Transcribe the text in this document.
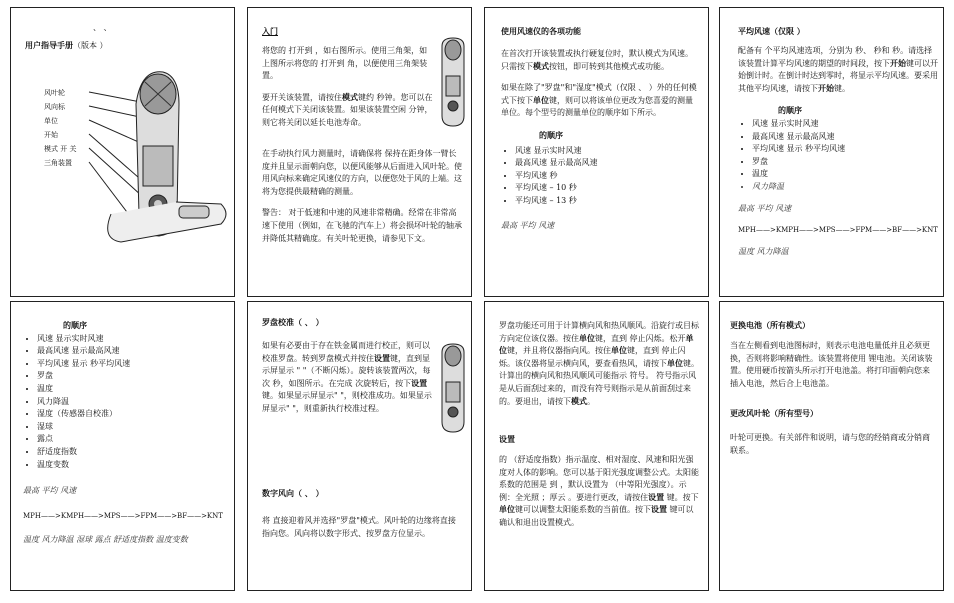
、 、
用户指导手册（版本 ）
风叶轮
风向标
单位
开始
模式 开 关
三角装置
入门

将您的 打开到 ，如右图所示。使用三角架，如上图所示将您的 打开到 角，以便使用三角架装置。

要开关该装置，请按住模式键约 秒钟。您可以在任何模式下关闭该装置。如果该装置空闲 分钟，则它将关闭以延长电池寿命。

在手动执行风力测量时，请确保将 保持在距身体一臂长度并且显示面朝向您，以便风能够从后面进入风叶轮。使用风向标来确定风速仪的方向，以便您处于风的上端。这将为您提供最精确的测量。

警告： 对于低速和中速的风速非常精确。经常在非常高速下使用（例如，在飞驰的汽车上）将会损坏叶轮的轴承并降低其精确度。有关叶轮更换，请参见下文。

使用风速仪的各项功能

在首次打开该装置或执行硬复位时，默认模式为风速。只需按下模式按钮，即可转到其他模式或功能。

如果在除了"罗盘"和"湿度"模式（仅限 、 ）外的任何模式下按下单位键，则可以将该单位更改为您喜爱的测量单位。每个型号的测量单位的顺序如下所示。

的顺序

• 风速 显示实时风速
• 最高风速 显示最高风速
• 平均风速 秒
• 平均风速 – 10 秒
• 平均风速 – 13 秒

最高 平均 风速

平均风速（仅限 ）

配备有 个平均风速选项，分别为 秒、 秒和 秒。请选择该装置计算平均风速的期望的时间段，按下开始键可以开始倒计时。在倒计时达到零时，将显示平均风速。要采用其他平均风速，请按下开始键。

的顺序

• 风速 显示实时风速
• 最高风速 显示最高风速
• 平均风速 显示 秒平均风速
• 罗盘
• 温度
• 风力降温

最高 平均 风速

MPH——>KMPH——>MPS——>FPM——>BF——>KNT

温度 风力降温

的顺序

• 风速 显示实时风速
• 最高风速 显示最高风速
• 平均风速 显示 秒平均风速
• 罗盘
• 温度
• 风力降温
• 湿度（传感器自校准）
• 湿球
• 露点
• 舒适度指数
• 温度变数

最高 平均 风速

MPH——>KMPH——>MPS——>FPM——>BF——>KNT

温度 风力降温 湿球 露点 舒适度指数 温度变数

罗盘校准（ 、 ）

如果有必要由于存在铁金属而进行校正，则可以校准罗盘。转到罗盘模式并按住设置键，直到显示屏显示 " "（不断闪烁）。旋转该装置两次，每次 秒，如图所示。在完成 次旋转后，按下设置键。如果显示屏显示" "，则校准成功。如果显示屏显示" "，则重新执行校准过程。

数字风向（ 、 ）

将 直接迎着风并选择"罗盘"模式。风叶轮的边缘将直接指向您。风向将以数字形式、按罗盘方位显示。

罗盘功能还可用于计算横向风和热风顺风。沿旋行或目标方向定位该仪器。按住单位键，直到 停止闪烁。松开单位键，并且将仪器指向风。按住单位键，直到 停止闪烁。该仪器将显示横向风，要查看热风，请按下单位键。计算出的横向风和热风顺风可能指示 符号。 符号指示风是从后面刮过来的，而没有符号则指示是从前面刮过来的。要退出，请按下模式。

设置

的 （舒适度指数）指示温度、相对湿度、风速和阳光强度对人体的影响。您可以基于阳光强度调整公式。太阳能系数的范围是 到 ，默认设置为 （中等阳光强度）。示例：全光照 ；厚云 。要进行更改，请按住设置 键。按下单位键可以调整太阳能系数的当前值。按下设置 键可以确认和退出设置模式。

更换电池（所有模式）

当在左侧看到电池图标时，则表示电池电量低并且必须更换，否则将影响精确性。该装置将使用 锂电池。关闭该装置。使用硬币按箭头所示打开电池盖。将打印面朝向您来插入电池，然后合上电池盖。

更改风叶轮（所有型号）

叶轮可更换。有关部件和说明，请与您的经销商或分销商联系。
